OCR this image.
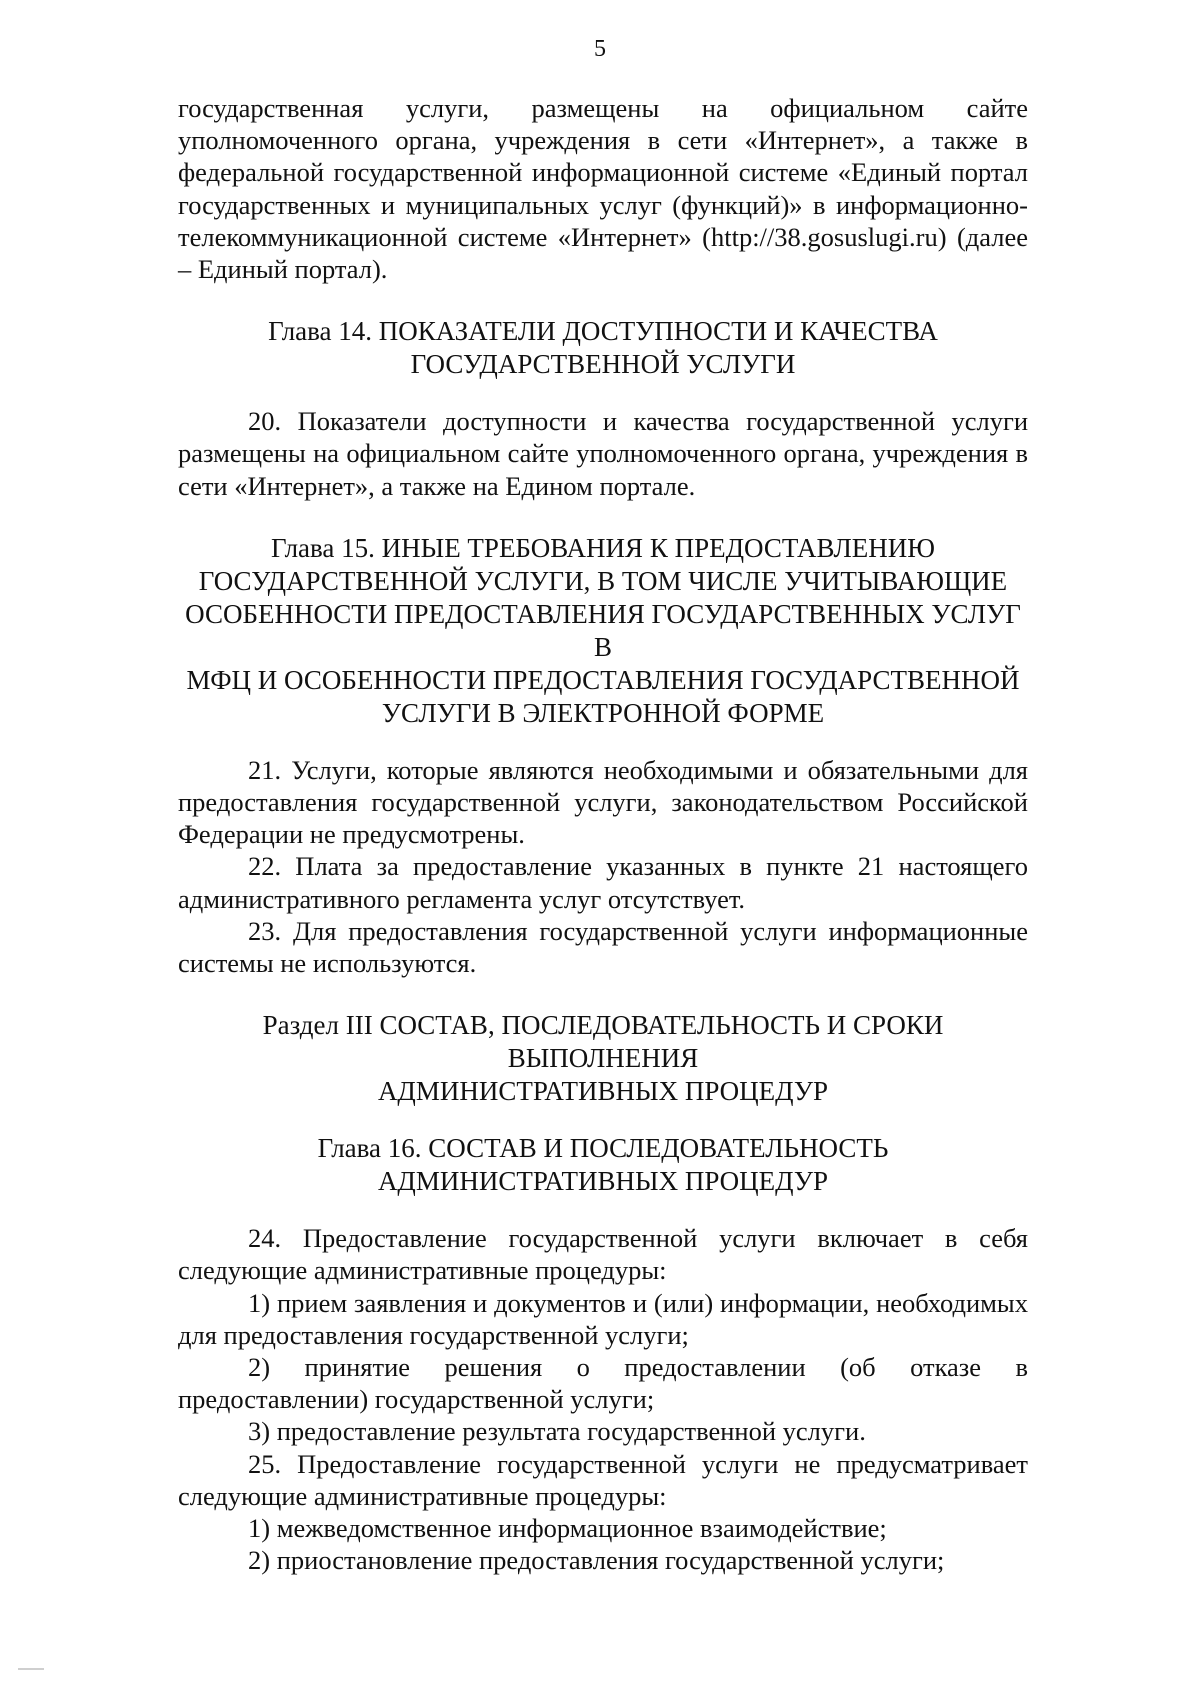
5

государственная услуги, размещены на официальном сайте уполномоченного органа, учреждения в сети «Интернет», а также в федеральной государственной информационной системе «Единый портал государственных и муниципальных услуг (функций)» в информационно-телекоммуникационной системе «Интернет» (http://38.gosuslugi.ru) (далее – Единый портал).

Глава 14. ПОКАЗАТЕЛИ ДОСТУПНОСТИ И КАЧЕСТВА
ГОСУДАРСТВЕННОЙ УСЛУГИ

20. Показатели доступности и качества государственной услуги размещены на официальном сайте уполномоченного органа, учреждения в сети «Интернет», а также на Едином портале.

Глава 15. ИНЫЕ ТРЕБОВАНИЯ К ПРЕДОСТАВЛЕНИЮ
ГОСУДАРСТВЕННОЙ УСЛУГИ, В ТОМ ЧИСЛЕ УЧИТЫВАЮЩИЕ
ОСОБЕННОСТИ ПРЕДОСТАВЛЕНИЯ ГОСУДАРСТВЕННЫХ УСЛУГ В
МФЦ И ОСОБЕННОСТИ ПРЕДОСТАВЛЕНИЯ ГОСУДАРСТВЕННОЙ
УСЛУГИ В ЭЛЕКТРОННОЙ ФОРМЕ

21. Услуги, которые являются необходимыми и обязательными для предоставления государственной услуги, законодательством Российской Федерации не предусмотрены.

22. Плата за предоставление указанных в пункте 21 настоящего административного регламента услуг отсутствует.

23. Для предоставления государственной услуги информационные системы не используются.

Раздел III СОСТАВ, ПОСЛЕДОВАТЕЛЬНОСТЬ И СРОКИ ВЫПОЛНЕНИЯ
АДМИНИСТРАТИВНЫХ ПРОЦЕДУР
Глава 16. СОСТАВ И ПОСЛЕДОВАТЕЛЬНОСТЬ
АДМИНИСТРАТИВНЫХ ПРОЦЕДУР

24. Предоставление государственной услуги включает в себя следующие административные процедуры:

1) прием заявления и документов и (или) информации, необходимых для предоставления государственной услуги;

2) принятие решения о предоставлении (об отказе в предоставлении) государственной услуги;

3) предоставление результата государственной услуги.

25. Предоставление государственной услуги не предусматривает следующие административные процедуры:

1) межведомственное информационное взаимодействие;

2) приостановление предоставления государственной услуги;
